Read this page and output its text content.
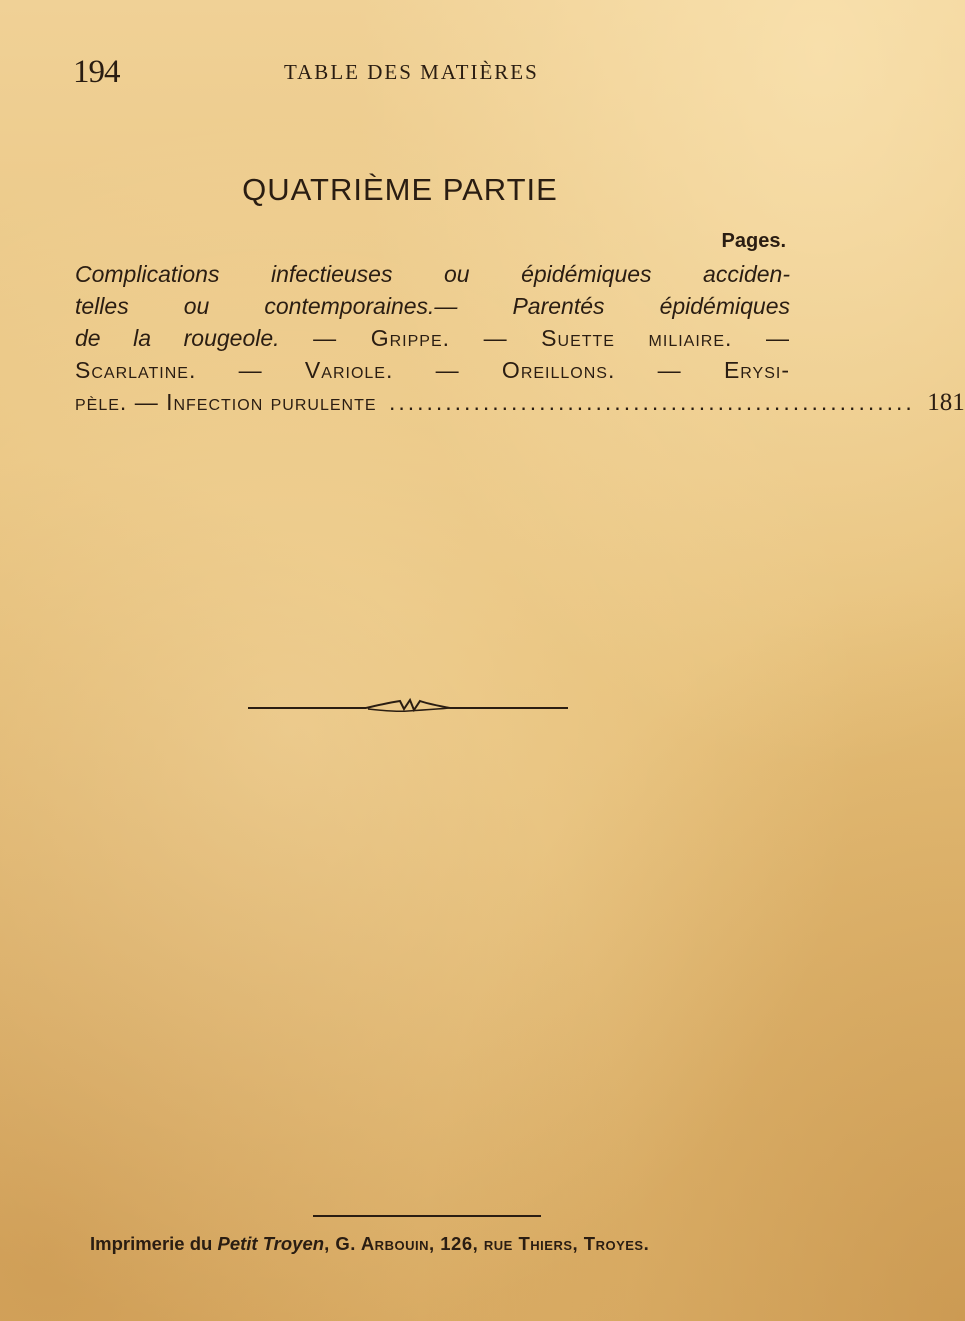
194	TABLE DES MATIÈRES
QUATRIÈME PARTIE
Pages.
Complications infectieuses ou épidémiques acciden-
telles ou contemporaines.— Parentés épidémiques
de la rougeole. — Grippe. — Suette miliaire. —
Scarlatine. — Variole. — Oreillons. — Erysi-
pèle. — Infection purulente ........................................................ 181
Imprimerie du Petit Troyen, G. Arbouin, 126, rue Thiers, Troyes.
